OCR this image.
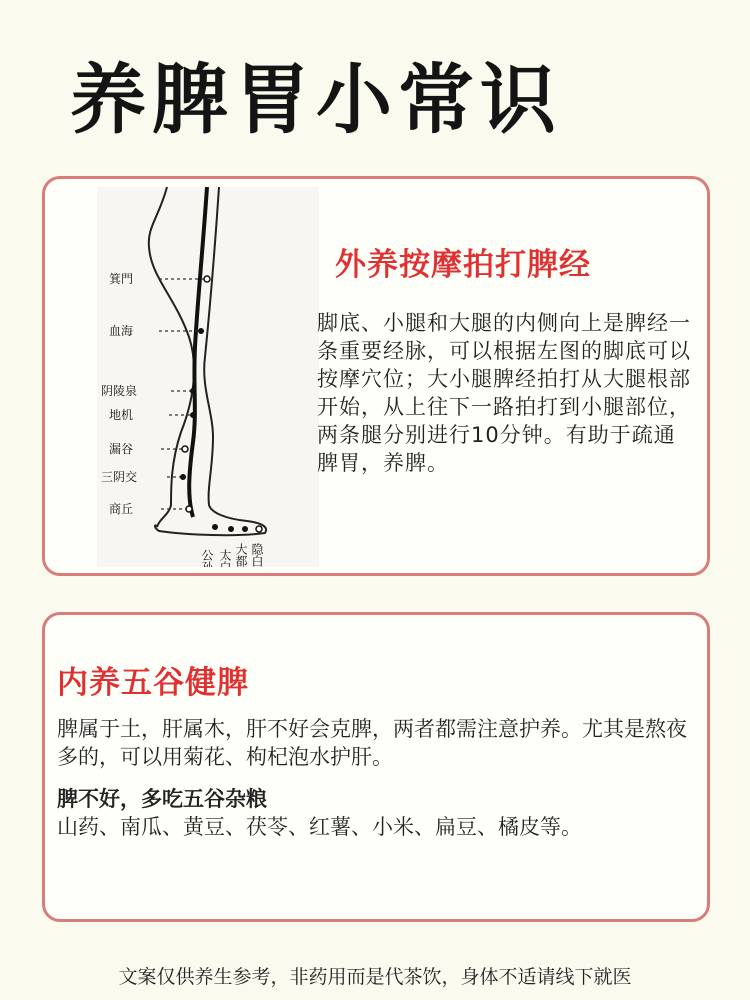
养脾胃小常识
箕門
血海
阴陵泉
地机
漏谷
三阴交
商丘
公孙 太白 大都 隐白
外养按摩拍打脾经
脚底、小腿和大腿的内侧向上是脾经一条重要经脉，可以根据左图的脚底可以按摩穴位；大小腿脾经拍打从大腿根部开始，从上往下一路拍打到小腿部位，两条腿分别进行10分钟。有助于疏通脾胃，养脾。
内养五谷健脾

脾属于土，肝属木，肝不好会克脾，两者都需注意护养。尤其是熬夜多的，可以用菊花、枸杞泡水护肝。

脾不好，多吃五谷杂粮

山药、南瓜、黄豆、茯苓、红薯、小米、扁豆、橘皮等。

文案仅供养生参考，非药用而是代茶饮，身体不适请线下就医
